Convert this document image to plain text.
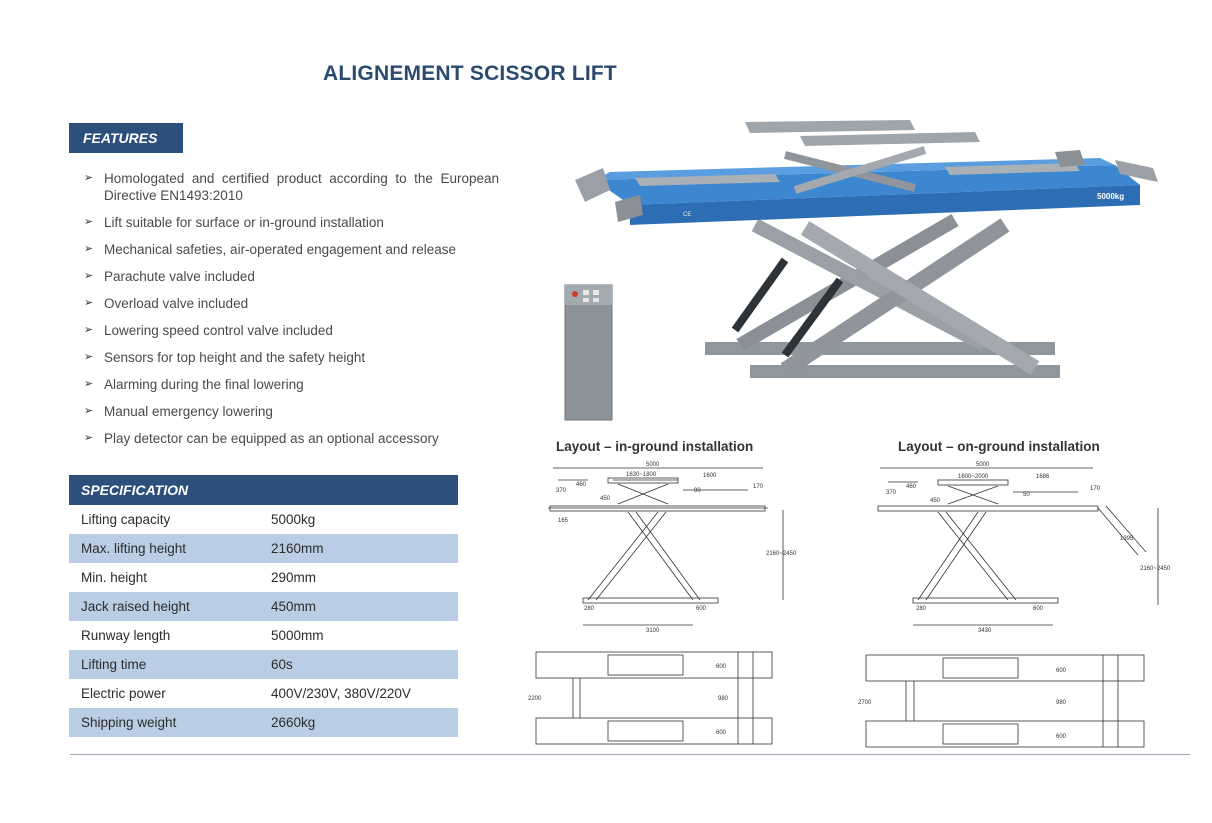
ALIGNEMENT SCISSOR LIFT
FEATURES
➢ Homologated and certified product according to the European Directive EN1493:2010
➢ Lift suitable for surface or in-ground installation
➢ Mechanical safeties, air-operated engagement and release
➢ Parachute valve included
➢ Overload valve included
➢ Lowering speed control valve included
➢ Sensors for top height and the safety height
➢ Alarming during the final lowering
➢ Manual emergency lowering
➢ Play detector can be equipped as an optional accessory
SPECIFICATION
Lifting capacity	5000kg
Max. lifting height	2160mm
Min. height	290mm
Jack raised height	450mm
Runway length	5000mm
Lifting time	60s
Electric power	400V/230V, 380V/220V
Shipping weight	2660kg
5000kg
CE
Layout – in-ground installation	Layout – on-ground installation
5000
460
1600
1630~1800
370
170
90
450
165
2160~2450
280	600
3100
2200	980
600
600
5000
460
1600~2000	1686
370
170
50
450
1395
2160~2450
280	600
3430
2700	980
600
600
